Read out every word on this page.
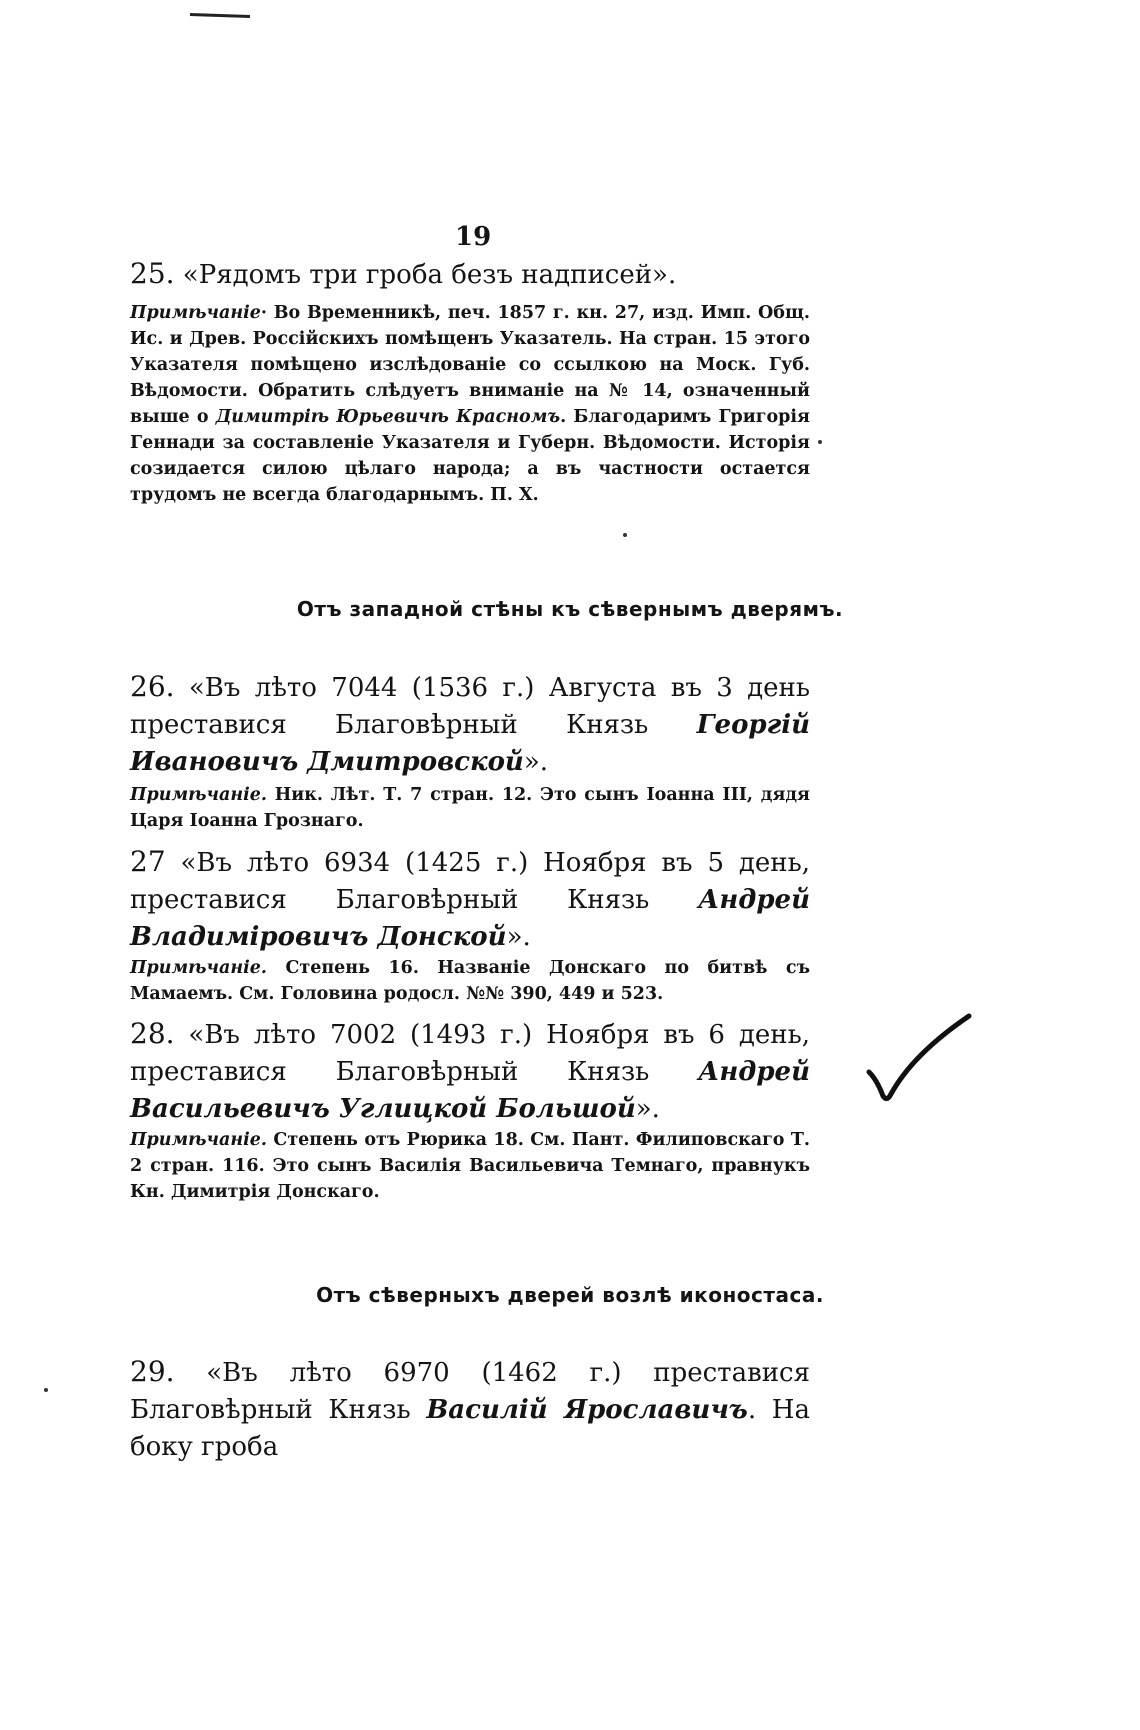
19
25. «Рядомъ три гроба безъ надписей».
Примѣчаніе· Во Временникѣ, печ. 1857 г. кн. 27, изд. Имп. Общ. Ис. и Древ. Россійскихъ помѣщенъ Указатель. На стран. 15 этого Указателя помѣщено изслѣдованіе со ссылкою на Моск. Губ. Вѣдомости. Обратить слѣдуетъ вниманіе на № 14, означенный выше о Димитріѣ Юрьевичѣ Красномъ. Благодаримъ Григорія Геннади за составленіе Указателя и Губерн. Вѣдомости. Исторія созидается силою цѣлаго народа; а въ частности остается трудомъ не всегда благодарнымъ. П. Х.
Отъ западной стѣны къ сѣвернымъ дверямъ.
26. «Въ лѣто 7044 (1536 г.) Августа въ 3 день преставися Благовѣрный Князь Георгій Ивановичъ Дмитровской».
Примѣчаніе. Ник. Лѣт. Т. 7 стран. 12. Это сынъ Іоанна III, дядя Царя Іоанна Грознаго.
27 «Въ лѣто 6934 (1425 г.) Ноября въ 5 день, преставися Благовѣрный Князь Андрей Владиміровичъ Донской».
Примѣчаніе. Степень 16. Названіе Донскаго по битвѣ съ Мамаемъ. См. Головина родосл. №№ 390, 449 и 523.
28. «Въ лѣто 7002 (1493 г.) Ноября въ 6 день, преставися Благовѣрный Князь Андрей Васильевичъ Углицкой Большой».
Примѣчаніе. Степень отъ Рюрика 18. См. Пант. Филиповскаго Т. 2 стран. 116. Это сынъ Василія Васильевича Темнаго, правнукъ Кн. Димитрія Донскаго.
Отъ сѣверныхъ дверей возлѣ иконостаса.
29. «Въ лѣто 6970 (1462 г.) преставися Благовѣрный Князь Василій Ярославичъ. На боку гроба
